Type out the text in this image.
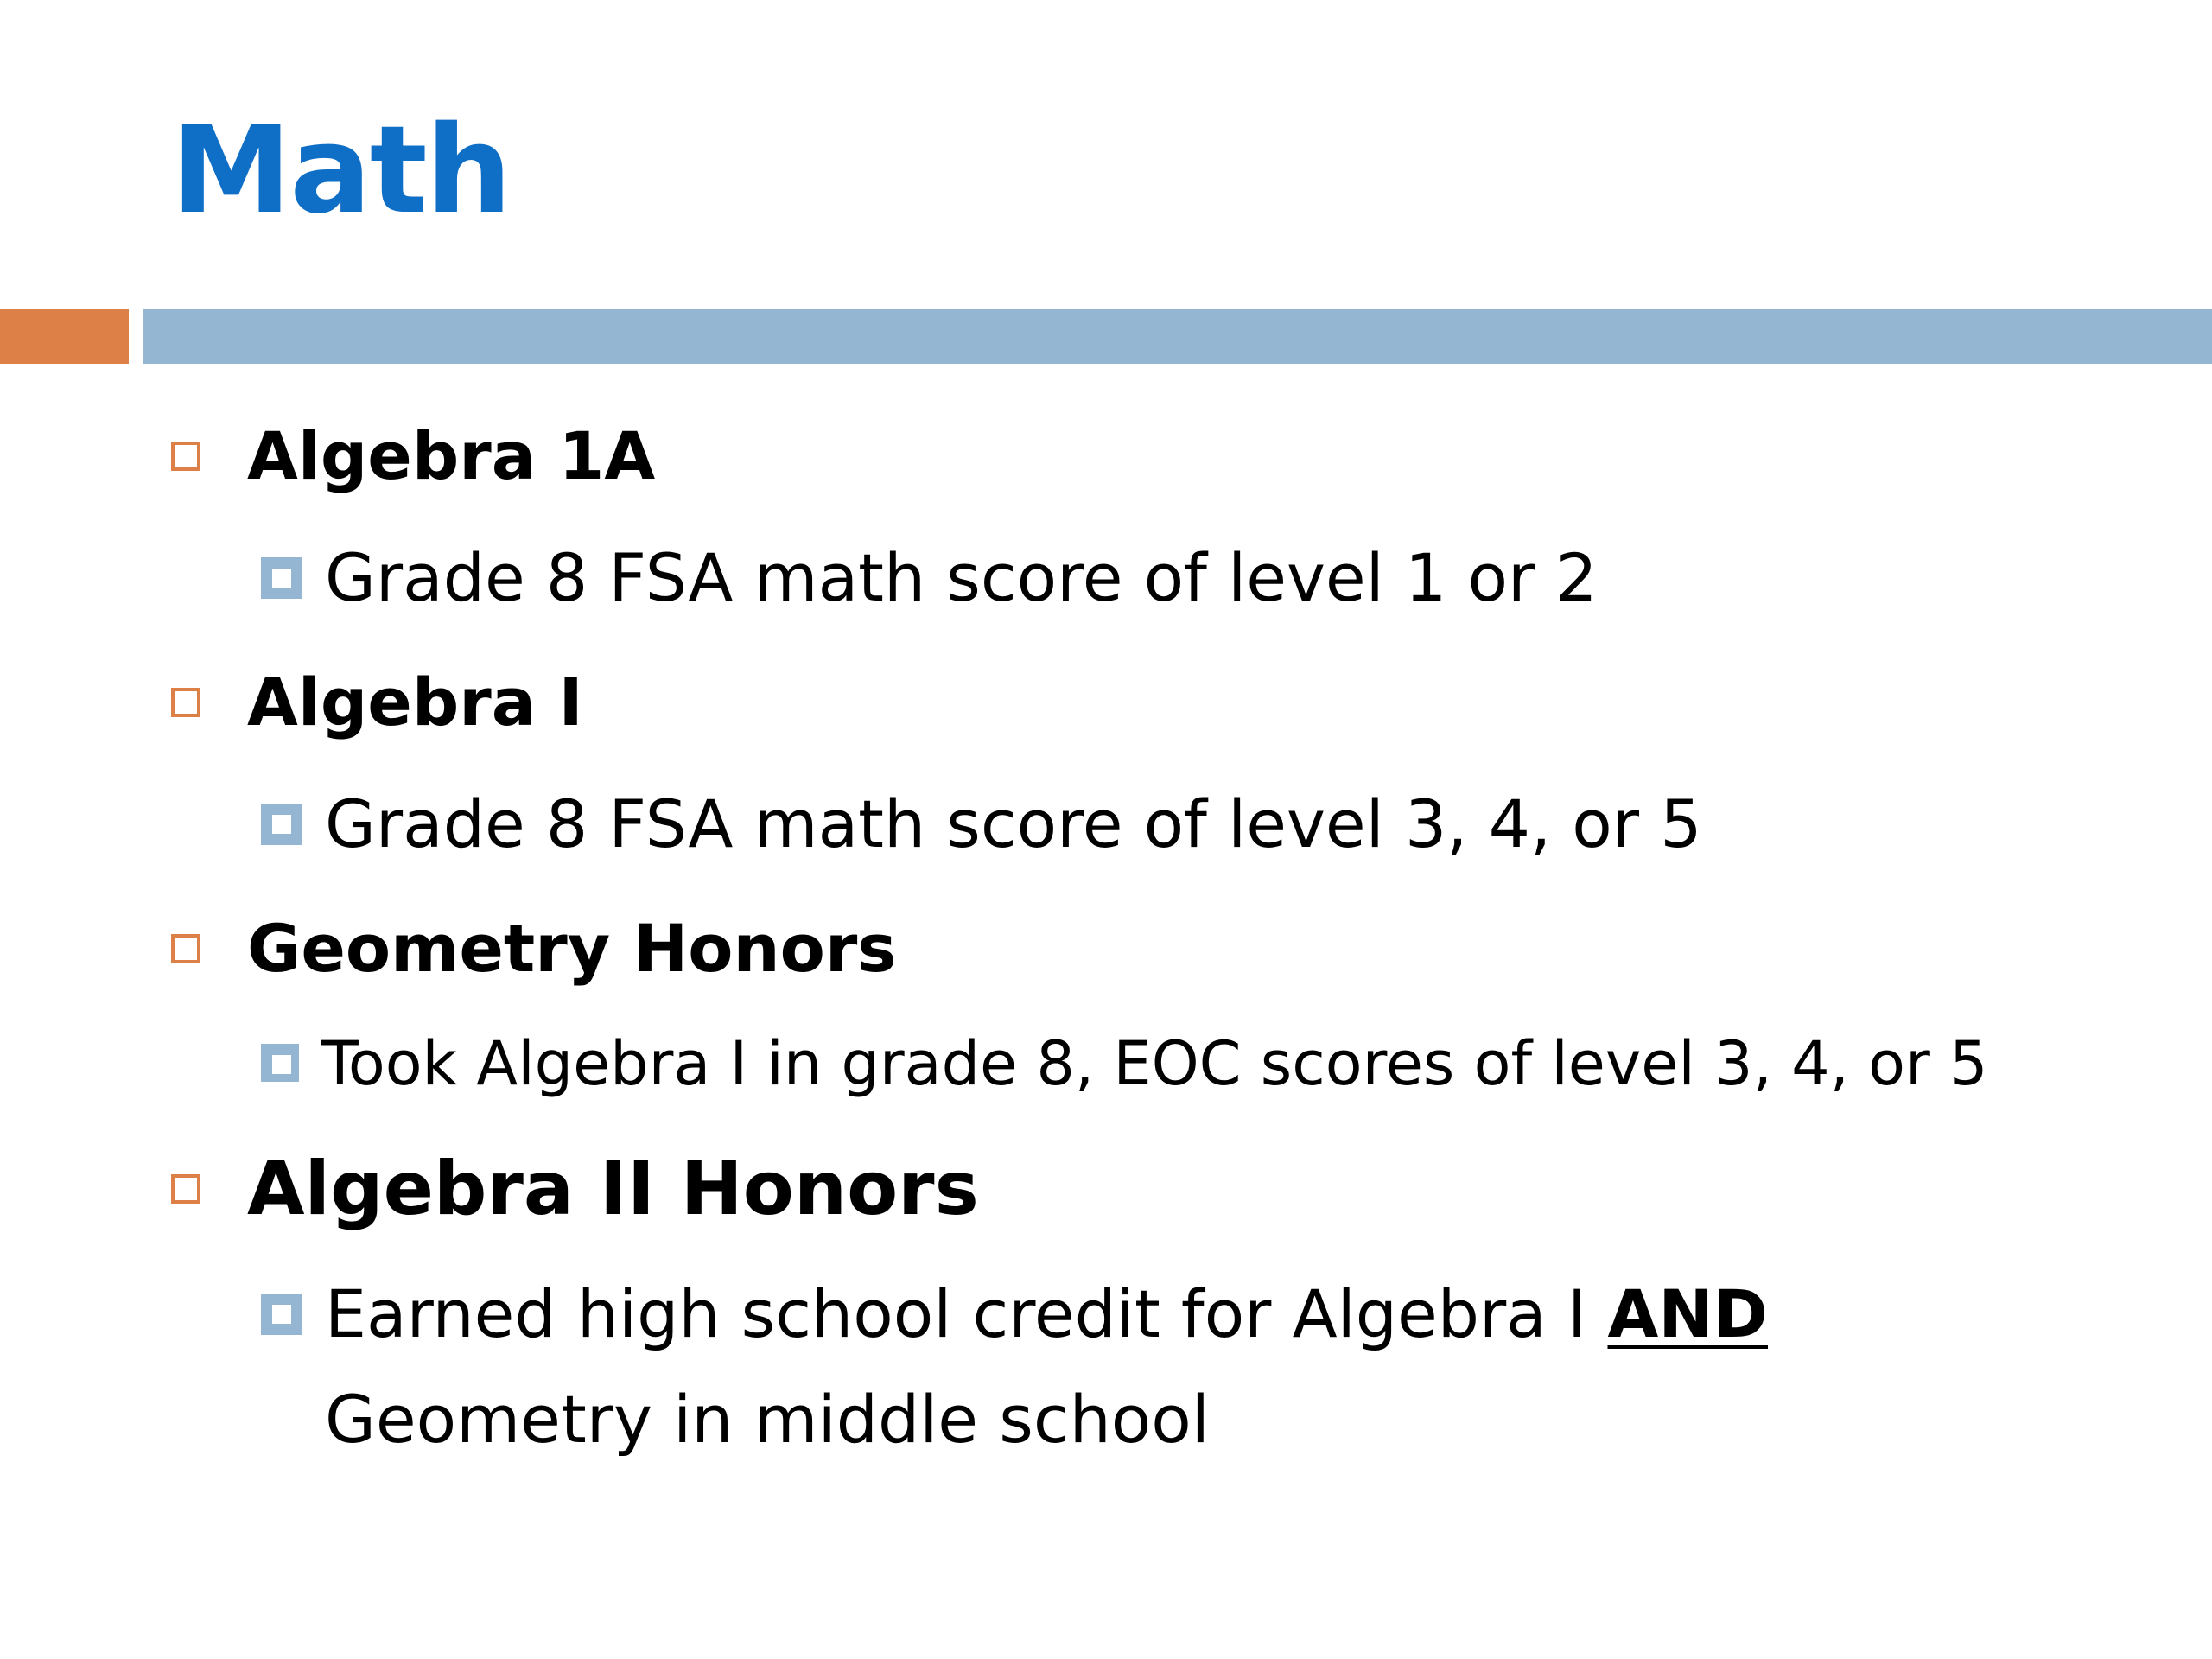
Math
Algebra 1A
Grade 8 FSA math score of level 1 or 2
Algebra I
Grade 8 FSA math score of level 3, 4, or 5
Geometry Honors
Took Algebra I in grade 8, EOC scores of level 3, 4, or 5
Algebra II Honors
Earned high school credit for Algebra I AND
Geometry in middle school
